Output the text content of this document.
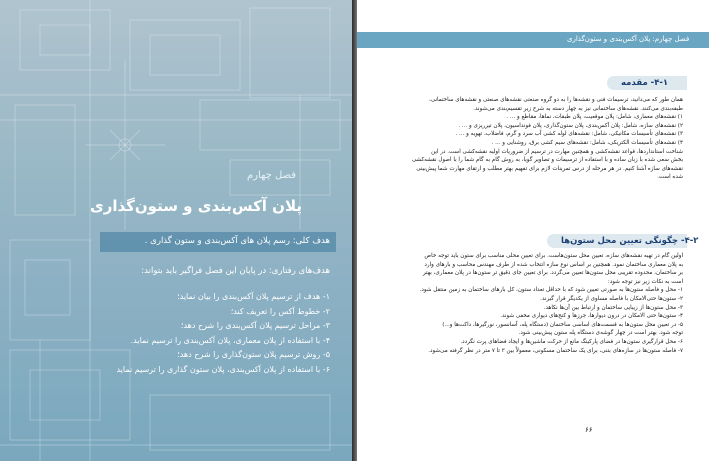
فصل چهارم
پلان آکس‌بندی و ستون‌گذاری
هدف کلی: رسم پلان های آکس‌بندی و ستون گذاری .
هدف‌های رفتاری: در پایان این فصل فراگیر باید بتواند:
۱- هدف از ترسیم پلان آکس‌بندی را بیان نماید؛
۲- خطوط آکس را تعریف کند؛
۳- مراحل ترسیم پلان آکس‌بندی را شرح دهد؛
۴- با استفاده از پلان معماری، پلان آکس‌بندی را ترسیم نماید.
۵- روش ترسیم پلان ستون‌گذاری را شرح دهد؛
۶- با استفاده از پلان آکس‌بندی، پلان ستون گذاری را ترسیم نماید
فصل چهارم: پلان آکس‌بندی و ستون‌گذاری
۴-۱- مقدمه

همان طور که می‌دانید، ترسیمات فنی و نقشه‌ها را به دو گروه صنعتی نقشه‌های صنعتی و نقشه‌های ساختمانی،

طبقه‌بندی می‌کنند. نقشه‌های ساختمانی نیز به چهار دسته به شرح زیر تقسیم‌بندی می‌شوند.

۱) نقشه‌های معماری، شامل: پلان موقعیت، پلان طبقات، نماها، مقاطع و ... .

۲) نقشه‌های سازه، شامل: پلان آکس‌بندی، پلان ستون‌گذاری، پلان فونداسیون، پلان تیرریزی و ... .

۳) نقشه‌های تأسیسات مکانیکی، شامل: نقشه‌های لوله کشی آب سرد و گرم، فاضلاب، تهویه و ... .

۴) نقشه‌های تأسیسات الکتریکی، شامل: نقشه‌های سیم کشی برق، روشنایی و ... .

شناخت استانداردها، قواعد نقشه‌کشی و همچنین مهارت در ترسیم از ضروریات اولیه نقشه‌کشی است. در این

بخش سعی شده با زبان ساده و با استفاده از ترسیمات و تصاویر گویا، به روش گام به گام شما را با اصول نقشه‌کشی

نقشه‌های سازه آشنا کنیم. در هر مرحله از درس تمرینات لازم برای تفهیم بهتر مطلب و ارتقای مهارت شما پیش‌بینی

شده است.

۴-۲- چگونگی تعیین محل ستون‌ها

اولین گام در تهیه نقشه‌های سازه، تعیین محل ستون‌هاست. برای تعیین محلی مناسب برای ستون باید توجه خاص

به پلان معماری ساختمان نمود. همچنین بر اساس نوع سازه انتخاب شده از طرف مهندس محاسب و بارهای وارد

بر ساختمان، محدوده تقریبی محل ستون‌ها تعیین می‌گردد. برای تعیین جای دقیق تر ستون‌ها در پلان معماری، بهتر

است به نکات زیر نیز توجه شود:

۱- محل و فاصله ستون‌ها به صورتی تعیین شود که با حداقل تعداد ستون، کل بارهای ساختمان به زمین منتقل شود.

۲- ستون‌ها حتی‌الامکان با فاصله مساوی از یکدیگر قرار گیرند.

۳- محل ستون‌ها از زیبایی ساختمان و ارتباط بین آن‌ها نکاهد.

۴- ستون‌ها حتی الامکان در درون دیوارها، جرزها و کنج‌های دیواری مخفی شوند.

۵- در تعیین محل ستون‌ها به قسمت‌های اساسی ساختمان (دستگاه پله، آسانسور، نورگیرها، داکت‌ها و...)

توجه شود. بهتر است در چهار گوشه‌ی دستگاه پله ستون پیش‌بینی شود.

۶- محل قرارگیری ستون‌ها در فضای پارکینگ مانع از حرکت ماشین‌ها و ایجاد فضاهای پرت نگردد.

۷- فاصله ستون‌ها در سازه‌های بتنی، برای یک ساختمان مسکونی، معمولاً بین ۳ تا ۷ متر در نظر گرفته می‌شود.

۶۶
